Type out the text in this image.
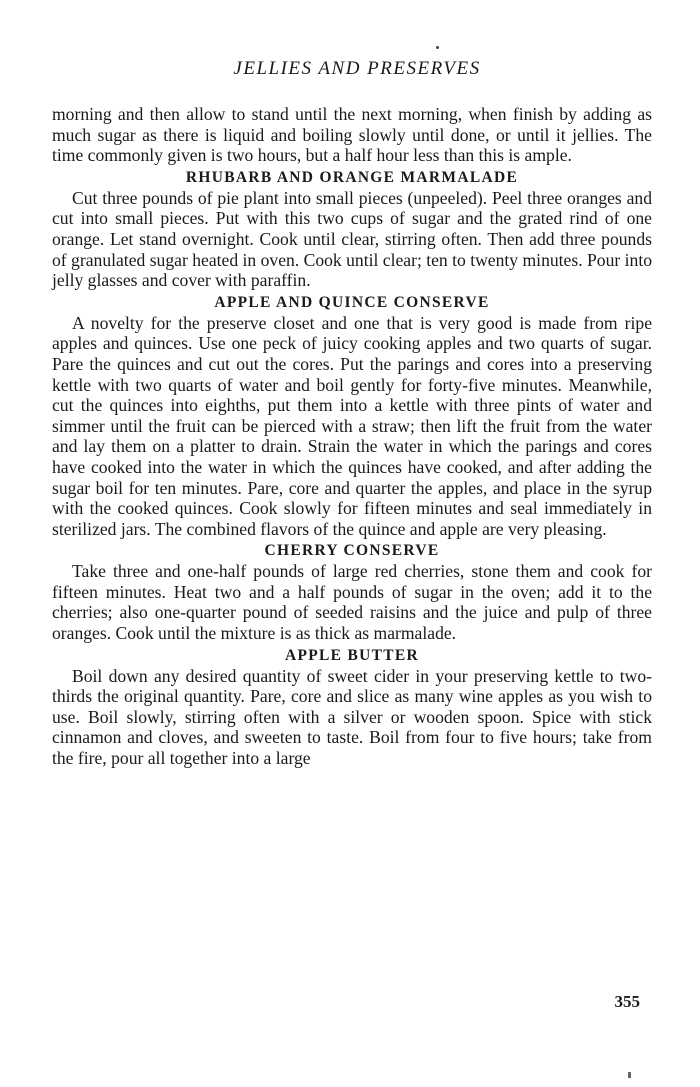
JELLIES AND PRESERVES

morning and then allow to stand until the next morning, when finish by adding as much sugar as there is liquid and boiling slowly until done, or until it jellies. The time commonly given is two hours, but a half hour less than this is ample.

RHUBARB AND ORANGE MARMALADE

Cut three pounds of pie plant into small pieces (unpeeled). Peel three oranges and cut into small pieces. Put with this two cups of sugar and the grated rind of one orange. Let stand overnight. Cook until clear, stirring often. Then add three pounds of granulated sugar heated in oven. Cook until clear; ten to twenty minutes. Pour into jelly glasses and cover with paraffin.

APPLE AND QUINCE CONSERVE

A novelty for the preserve closet and one that is very good is made from ripe apples and quinces. Use one peck of juicy cooking apples and two quarts of sugar. Pare the quinces and cut out the cores. Put the parings and cores into a preserving kettle with two quarts of water and boil gently for forty-five minutes. Meanwhile, cut the quinces into eighths, put them into a kettle with three pints of water and simmer until the fruit can be pierced with a straw; then lift the fruit from the water and lay them on a platter to drain. Strain the water in which the parings and cores have cooked into the water in which the quinces have cooked, and after adding the sugar boil for ten minutes. Pare, core and quarter the apples, and place in the syrup with the cooked quinces. Cook slowly for fifteen minutes and seal immediately in sterilized jars. The combined flavors of the quince and apple are very pleasing.

CHERRY CONSERVE

Take three and one-half pounds of large red cherries, stone them and cook for fifteen minutes. Heat two and a half pounds of sugar in the oven; add it to the cherries; also one-quarter pound of seeded raisins and the juice and pulp of three oranges. Cook until the mixture is as thick as marmalade.

APPLE BUTTER

Boil down any desired quantity of sweet cider in your preserving kettle to two-thirds the original quantity. Pare, core and slice as many wine apples as you wish to use. Boil slowly, stirring often with a silver or wooden spoon. Spice with stick cinnamon and cloves, and sweeten to taste. Boil from four to five hours; take from the fire, pour all together into a large

355
